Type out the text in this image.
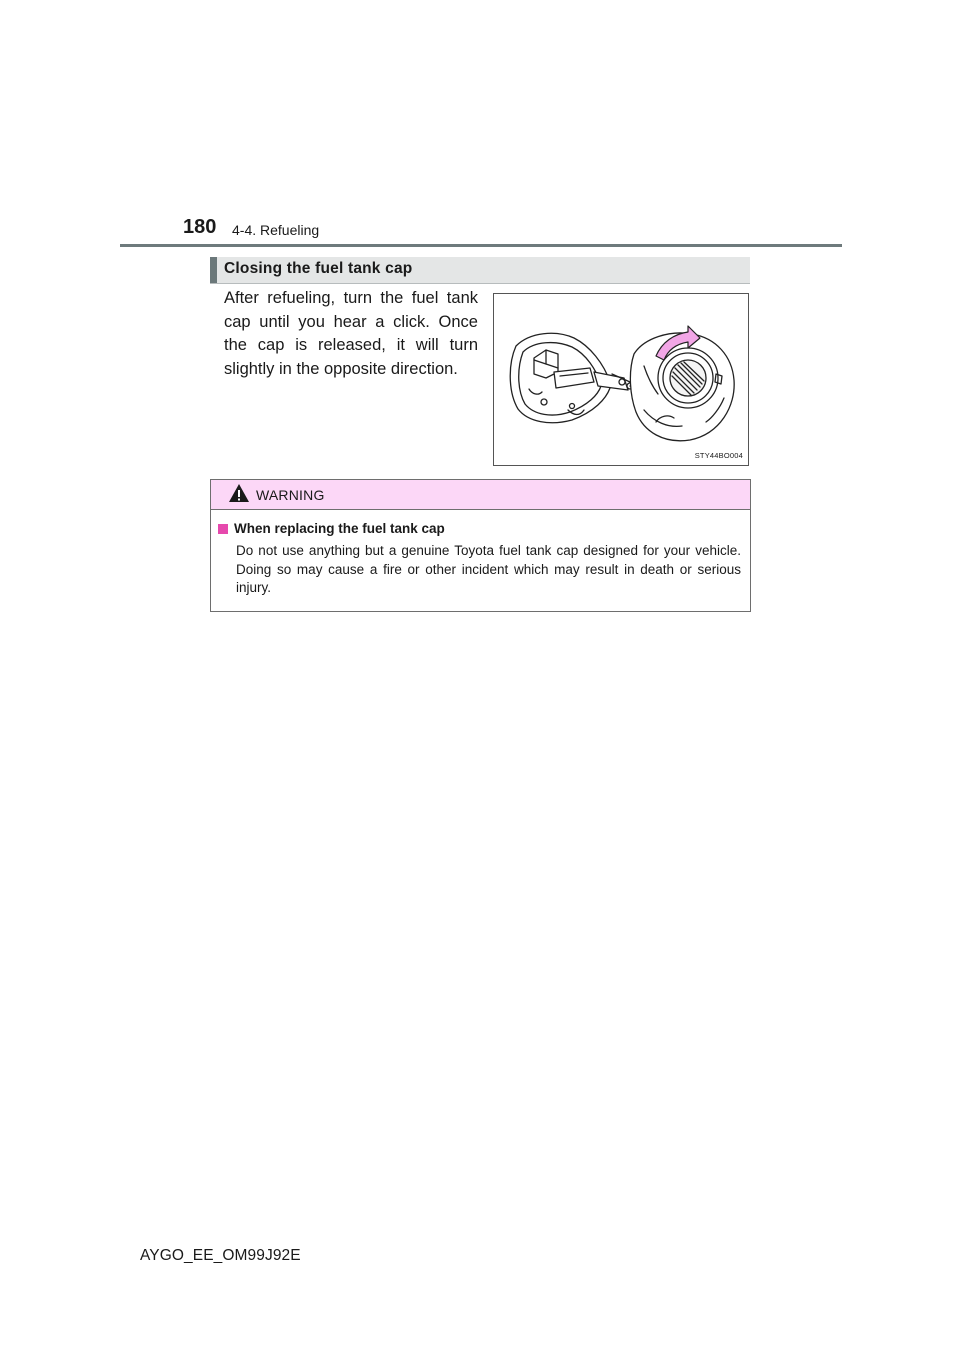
180 4-4. Refueling
Closing the fuel tank cap
After refueling, turn the fuel tank cap until you hear a click. Once the cap is released, it will turn slightly in the opposite direction.
STY44BO004
WARNING
When replacing the fuel tank cap
Do not use anything but a genuine Toyota fuel tank cap designed for your vehicle. Doing so may cause a fire or other incident which may result in death or serious injury.
AYGO_EE_OM99J92E
